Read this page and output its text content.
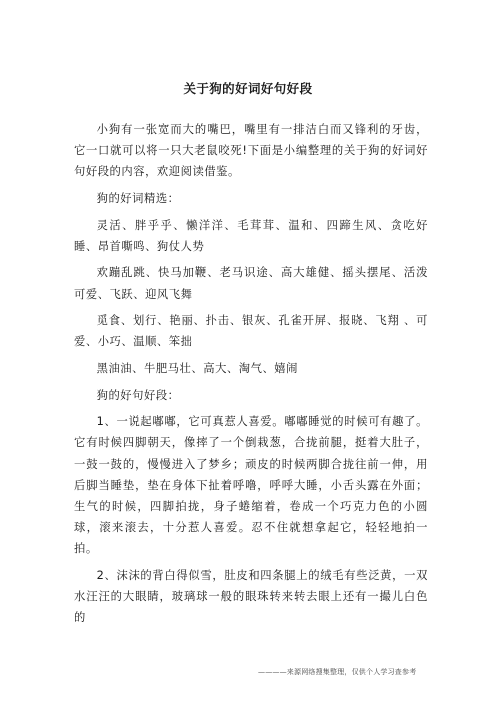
关于狗的好词好句好段

小狗有一张宽而大的嘴巴，嘴里有一排洁白而又锋利的牙齿，它一口就可以将一只大老鼠咬死!下面是小编整理的关于狗的好词好句好段的内容，欢迎阅读借鉴。

狗的好词精选：

灵活、胖乎乎、懒洋洋、毛茸茸、温和、四蹄生风、贪吃好睡、昂首嘶鸣、狗仗人势

欢蹦乱跳、快马加鞭、老马识途、高大雄健、摇头摆尾、活泼可爱、飞跃、迎风飞舞

觅食、划行、艳丽、扑击、银灰、孔雀开屏、报晓、飞翔 、可爱、小巧、温顺、笨拙

黑油油、牛肥马壮、高大、淘气、嬉闹

狗的好句好段：

1、一说起嘟嘟，它可真惹人喜爱。嘟嘟睡觉的时候可有趣了。它有时候四脚朝天，像摔了一个倒栽葱，合拢前腿，挺着大肚子，一鼓一鼓的，慢慢进入了梦乡；顽皮的时候两脚合拢往前一伸，用后脚当睡垫，垫在身体下扯着呼噜，呼呼大睡，小舌头露在外面；生气的时候，四脚拍拢，身子蜷缩着，卷成一个巧克力色的小圆球，滚来滚去，十分惹人喜爱。忍不住就想拿起它，轻轻地拍一拍。

2、沫沫的背白得似雪，肚皮和四条腿上的绒毛有些泛黄，一双水汪汪的大眼睛，玻璃球一般的眼珠转来转去眼上还有一撮儿白色的

————来源网络搜集整理，仅供个人学习查参考
